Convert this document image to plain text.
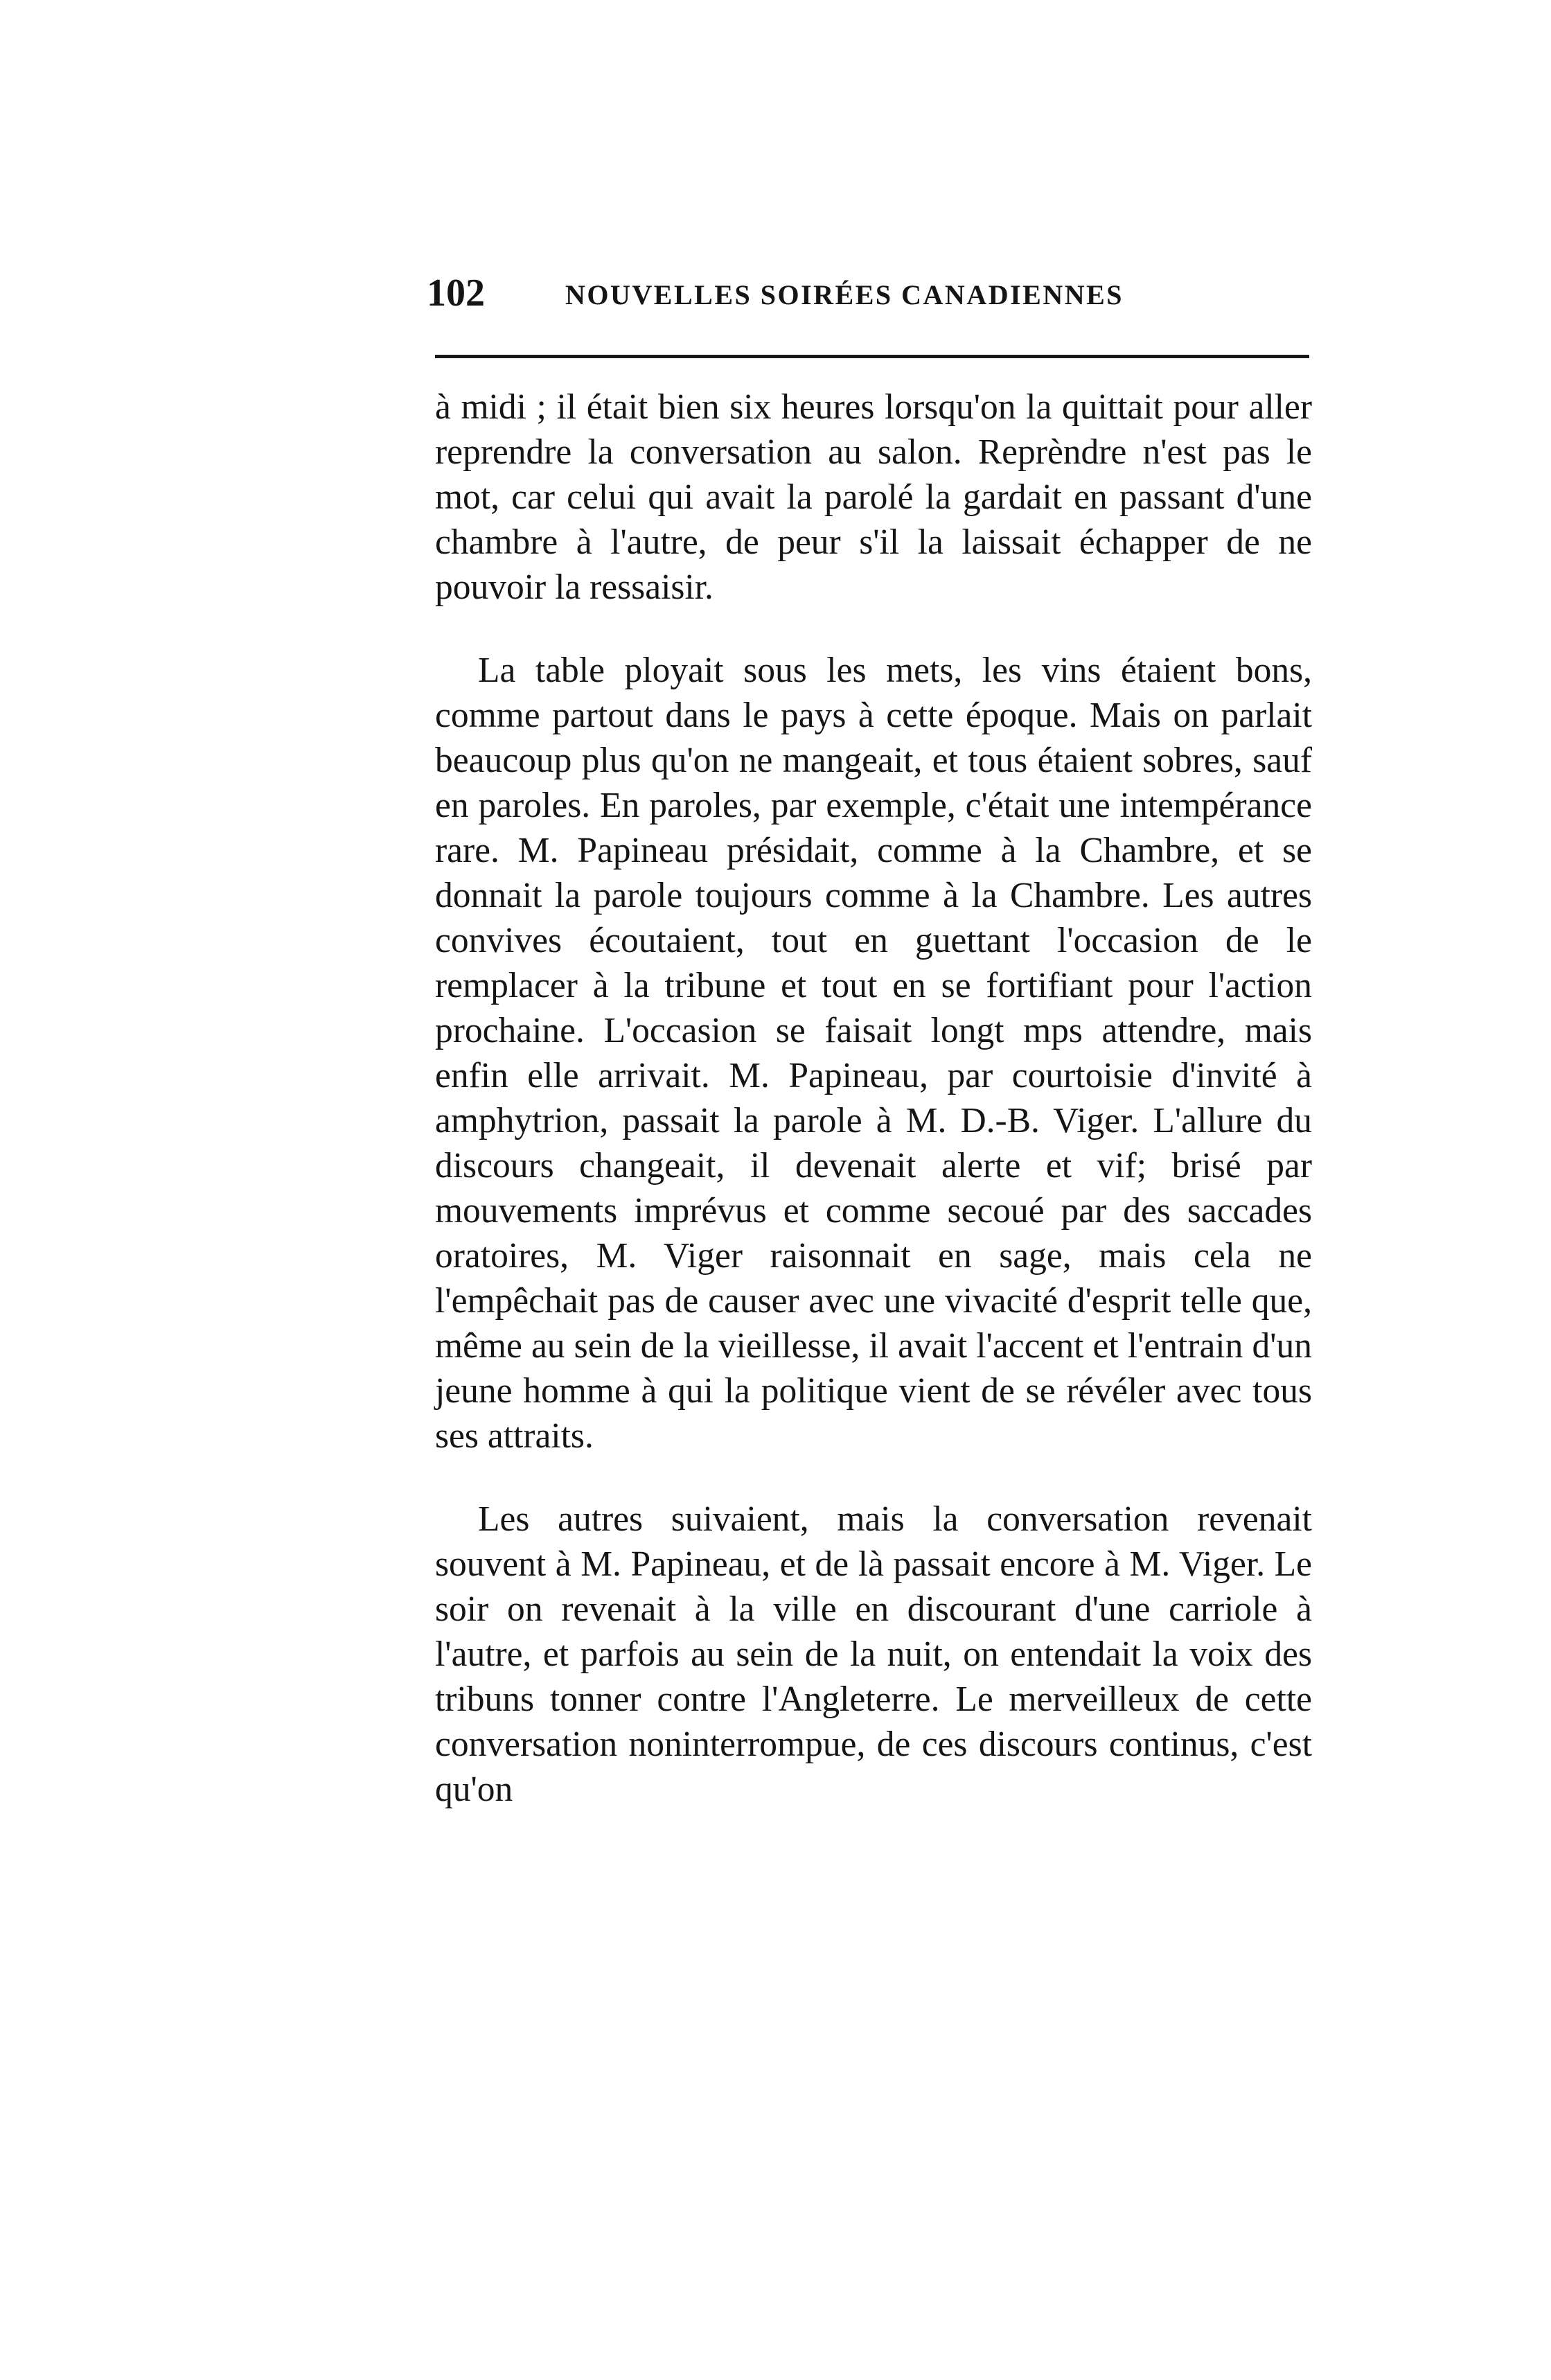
102	NOUVELLES SOIRÉES CANADIENNES

à midi ; il était bien six heures lorsqu'on la quittait pour aller reprendre la conversation au salon. Reprèndre n'est pas le mot, car celui qui avait la parolé la gardait en passant d'une chambre à l'autre, de peur s'il la laissait échapper de ne pouvoir la ressaisir.

La table ployait sous les mets, les vins étaient bons, comme partout dans le pays à cette époque. Mais on parlait beaucoup plus qu'on ne mangeait, et tous étaient sobres, sauf en paroles. En paroles, par exemple, c'était une intempérance rare. M. Papineau présidait, comme à la Chambre, et se donnait la parole toujours comme à la Chambre. Les autres convives écoutaient, tout en guettant l'occasion de le remplacer à la tribune et tout en se fortifiant pour l'action prochaine. L'occasion se faisait longt mps attendre, mais enfin elle arrivait. M. Papineau, par courtoisie d'invité à amphytrion, passait la parole à M. D.-B. Viger. L'allure du discours changeait, il devenait alerte et vif; brisé par mouvements imprévus et comme secoué par des saccades oratoires, M. Viger raisonnait en sage, mais cela ne l'empêchait pas de causer avec une vivacité d'esprit telle que, même au sein de la vieillesse, il avait l'accent et l'entrain d'un jeune homme à qui la politique vient de se révéler avec tous ses attraits.

Les autres suivaient, mais la conversation revenait souvent à M. Papineau, et de là passait encore à M. Viger. Le soir on revenait à la ville en discourant d'une carriole à l'autre, et parfois au sein de la nuit, on entendait la voix des tribuns tonner contre l'Angleterre. Le merveilleux de cette conversation noninterrompue, de ces discours continus, c'est qu'on
